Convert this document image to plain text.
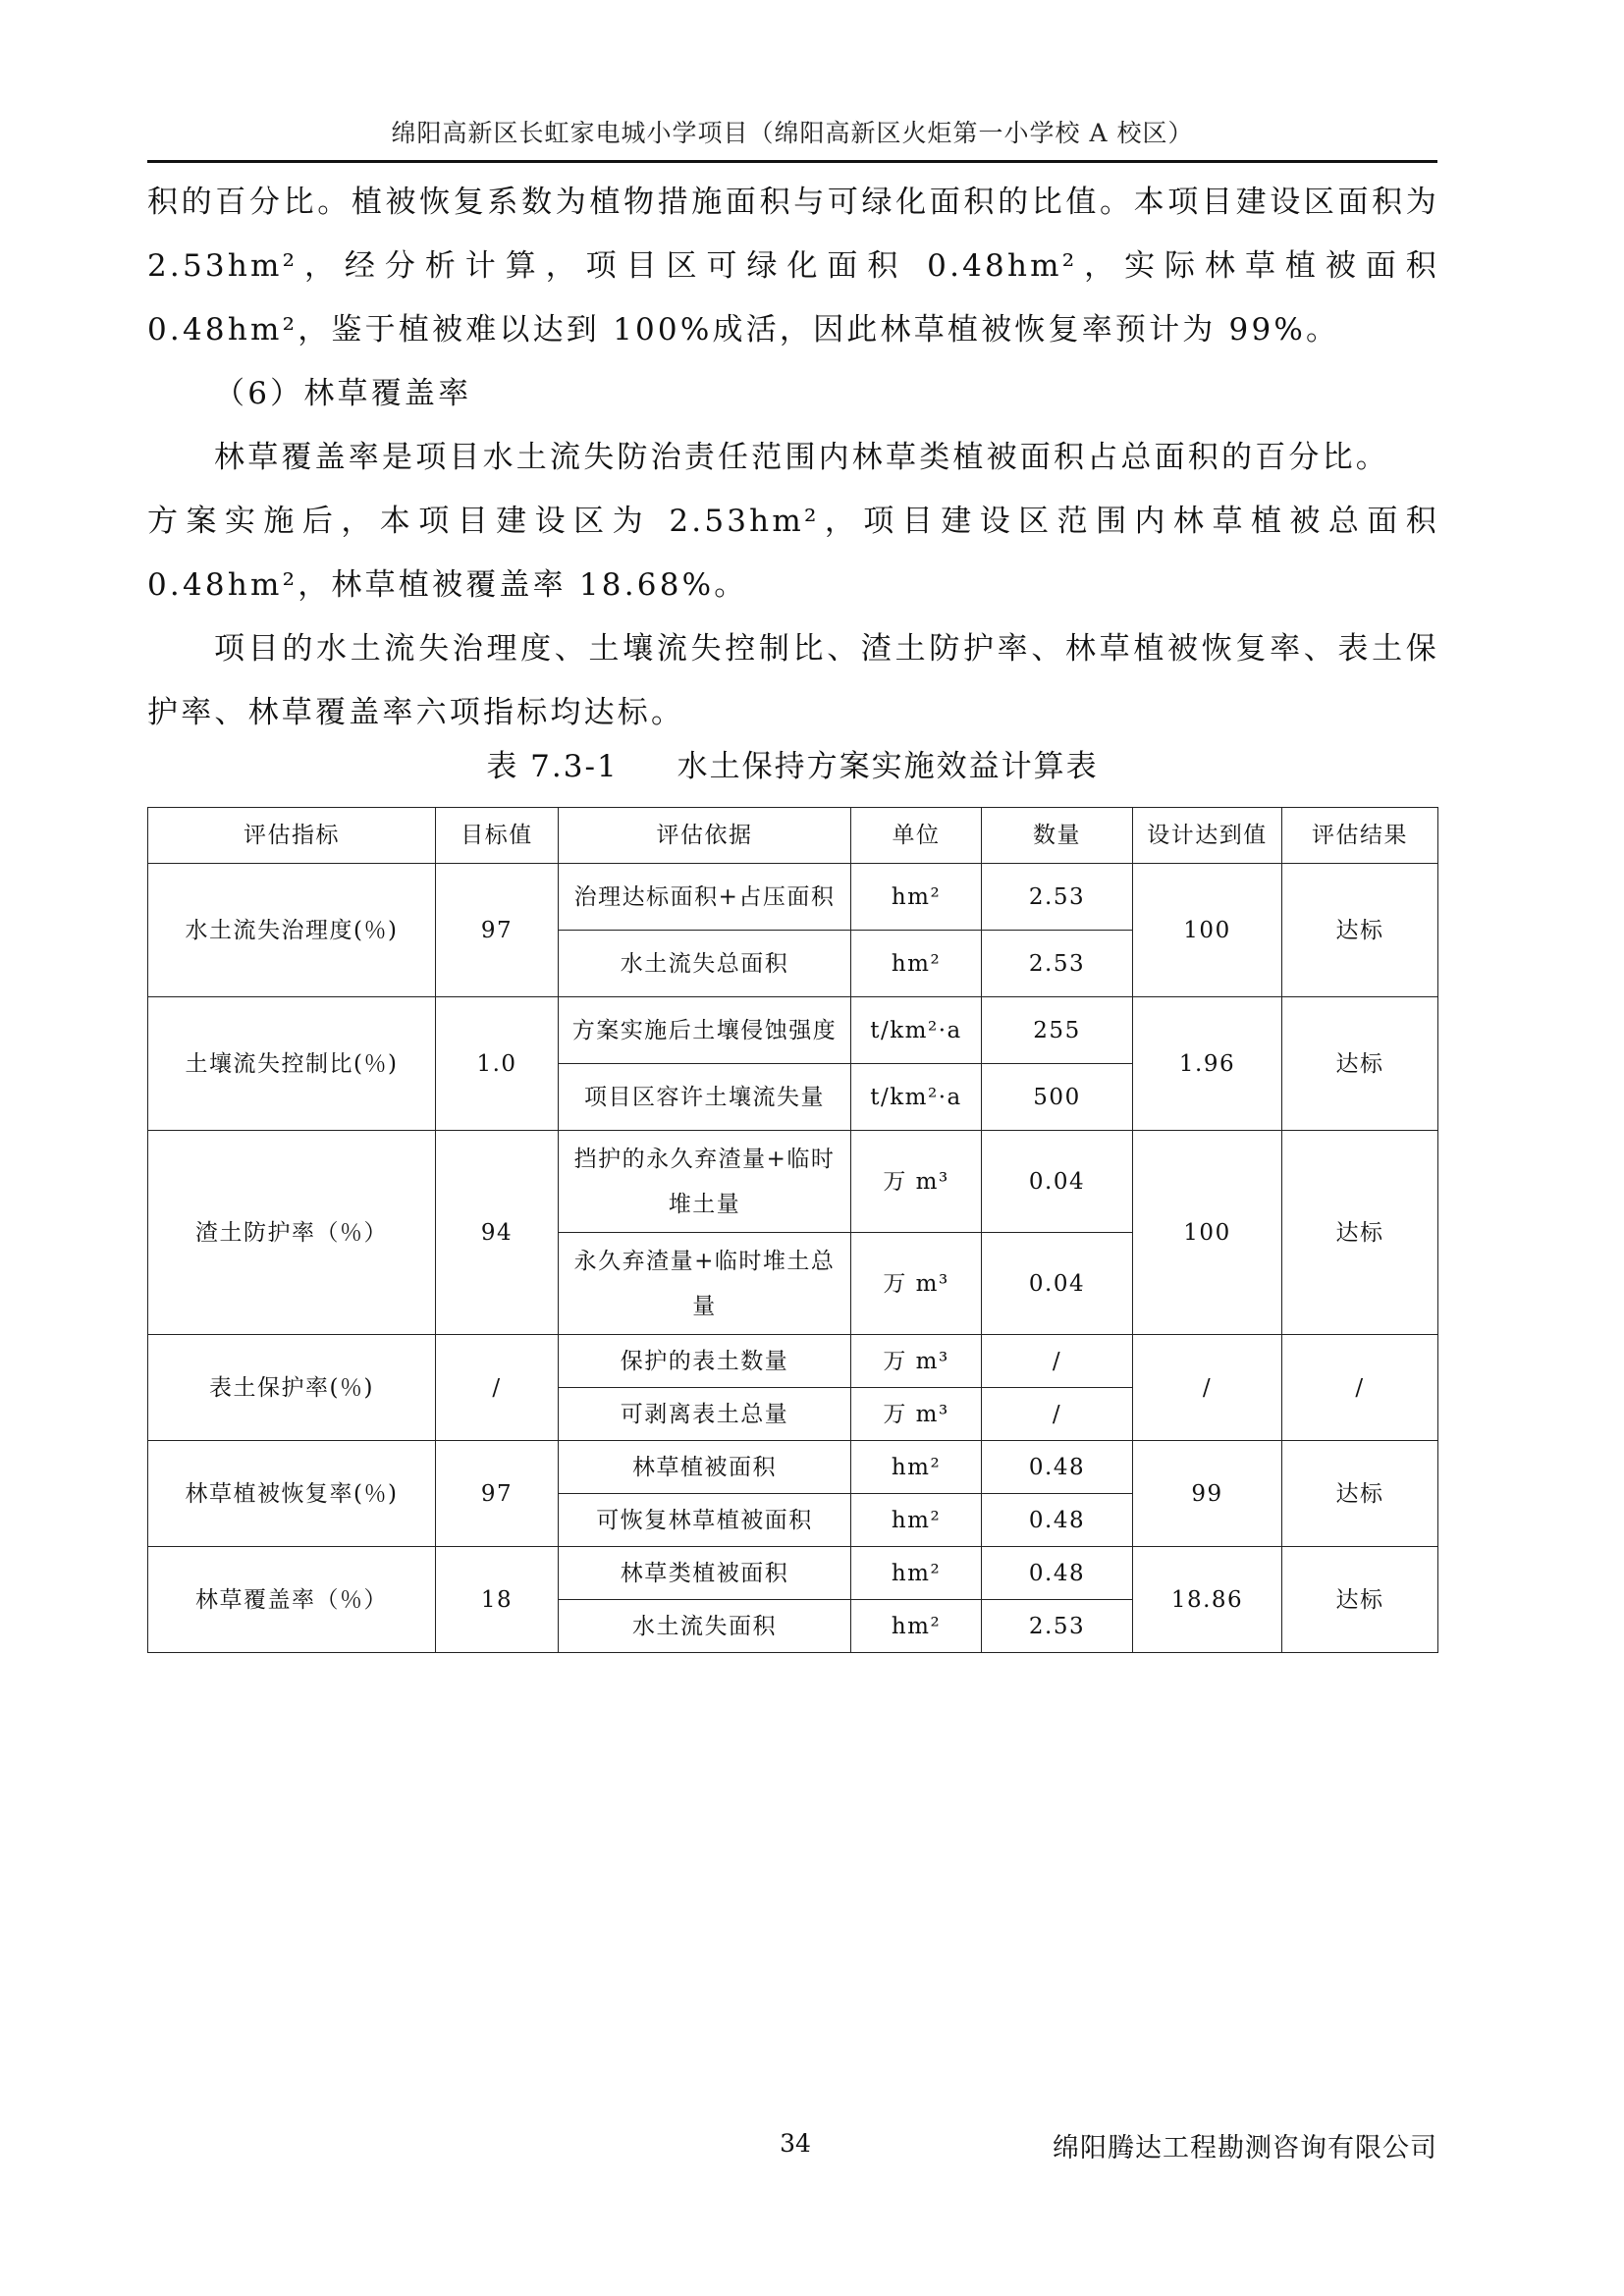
绵阳高新区长虹家电城小学项目（绵阳高新区火炬第一小学校 A 校区）

积的百分比。植被恢复系数为植物措施面积与可绿化面积的比值。本项目建设区面积为 2.53hm²，经分析计算，项目区可绿化面积 0.48hm²，实际林草植被面积 0.48hm²，鉴于植被难以达到 100%成活，因此林草植被恢复率预计为 99%。

（6）林草覆盖率

林草覆盖率是项目水土流失防治责任范围内林草类植被面积占总面积的百分比。

方案实施后，本项目建设区为 2.53hm²，项目建设区范围内林草植被总面积 0.48hm²，林草植被覆盖率 18.68%。

项目的水土流失治理度、土壤流失控制比、渣土防护率、林草植被恢复率、表土保护率、林草覆盖率六项指标均达标。

表 7.3-1 水土保持方案实施效益计算表
评估指标	目标值	评估依据	单位	数量	设计达到值	评估结果
水土流失治理度(％)	97	治理达标面积+占压面积	hm²	2.53	100	达标
		水土流失总面积	hm²	2.53		
土壤流失控制比(％)	1.0	方案实施后土壤侵蚀强度	t/km²·a	255	1.96	达标
		项目区容许土壤流失量	t/km²·a	500		
渣土防护率（％）	94	挡护的永久弃渣量+临时堆土量	万 m³	0.04	100	达标
		永久弃渣量+临时堆土总量	万 m³	0.04		
表土保护率(％)	/	保护的表土数量	万 m³	/	/	/
		可剥离表土总量	万 m³	/		
林草植被恢复率(％)	97	林草植被面积	hm²	0.48	99	达标
		可恢复林草植被面积	hm²	0.48		
林草覆盖率（％）	18	林草类植被面积	hm²	0.48	18.86	达标
		水土流失面积	hm²	2.53		
34	绵阳腾达工程勘测咨询有限公司
